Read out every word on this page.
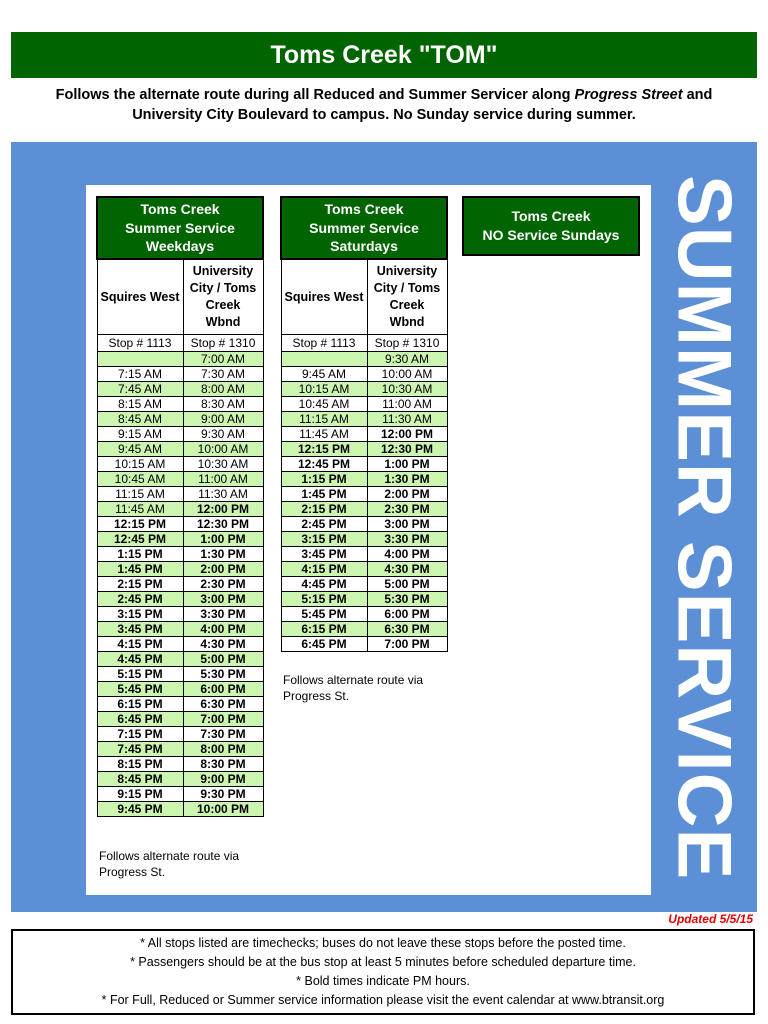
Toms Creek "TOM"
Follows the alternate route during all Reduced and Summer Servicer along Progress Street and University City Boulevard to campus. No Sunday service during summer.
SUMMER SERVICE
Toms Creek
Summer Service
Weekdays	
Squires West	University
City / Toms
Creek
Wbnd
Stop # 1113	Stop # 1310
	7:00 AM
7:15 AM	7:30 AM
7:45 AM	8:00 AM
8:15 AM	8:30 AM
8:45 AM	9:00 AM
9:15 AM	9:30 AM
9:45 AM	10:00 AM
10:15 AM	10:30 AM
10:45 AM	11:00 AM
11:15 AM	11:30 AM
11:45 AM	12:00 PM
12:15 PM	12:30 PM
12:45 PM	1:00 PM
1:15 PM	1:30 PM
1:45 PM	2:00 PM
2:15 PM	2:30 PM
2:45 PM	3:00 PM
3:15 PM	3:30 PM
3:45 PM	4:00 PM
4:15 PM	4:30 PM
4:45 PM	5:00 PM
5:15 PM	5:30 PM
5:45 PM	6:00 PM
6:15 PM	6:30 PM
6:45 PM	7:00 PM
7:15 PM	7:30 PM
7:45 PM	8:00 PM
8:15 PM	8:30 PM
8:45 PM	9:00 PM
9:15 PM	9:30 PM
9:45 PM	10:00 PM
Follows alternate route via
Progress St.
Toms Creek
Summer Service
Saturdays	
Squires West	University
City / Toms
Creek
Wbnd
Stop # 1113	Stop # 1310
	9:30 AM
9:45 AM	10:00 AM
10:15 AM	10:30 AM
10:45 AM	11:00 AM
11:15 AM	11:30 AM
11:45 AM	12:00 PM
12:15 PM	12:30 PM
12:45 PM	1:00 PM
1:15 PM	1:30 PM
1:45 PM	2:00 PM
2:15 PM	2:30 PM
2:45 PM	3:00 PM
3:15 PM	3:30 PM
3:45 PM	4:00 PM
4:15 PM	4:30 PM
4:45 PM	5:00 PM
5:15 PM	5:30 PM
5:45 PM	6:00 PM
6:15 PM	6:30 PM
6:45 PM	7:00 PM
Follows alternate route via
Progress St.
Toms Creek
NO Service Sundays
Updated 5/5/15
* All stops listed are timechecks; buses do not leave these stops before the posted time.
* Passengers should be at the bus stop at least 5 minutes before scheduled departure time.
* Bold times indicate PM hours.
* For Full, Reduced or Summer service information please visit the event calendar at www.btransit.org
